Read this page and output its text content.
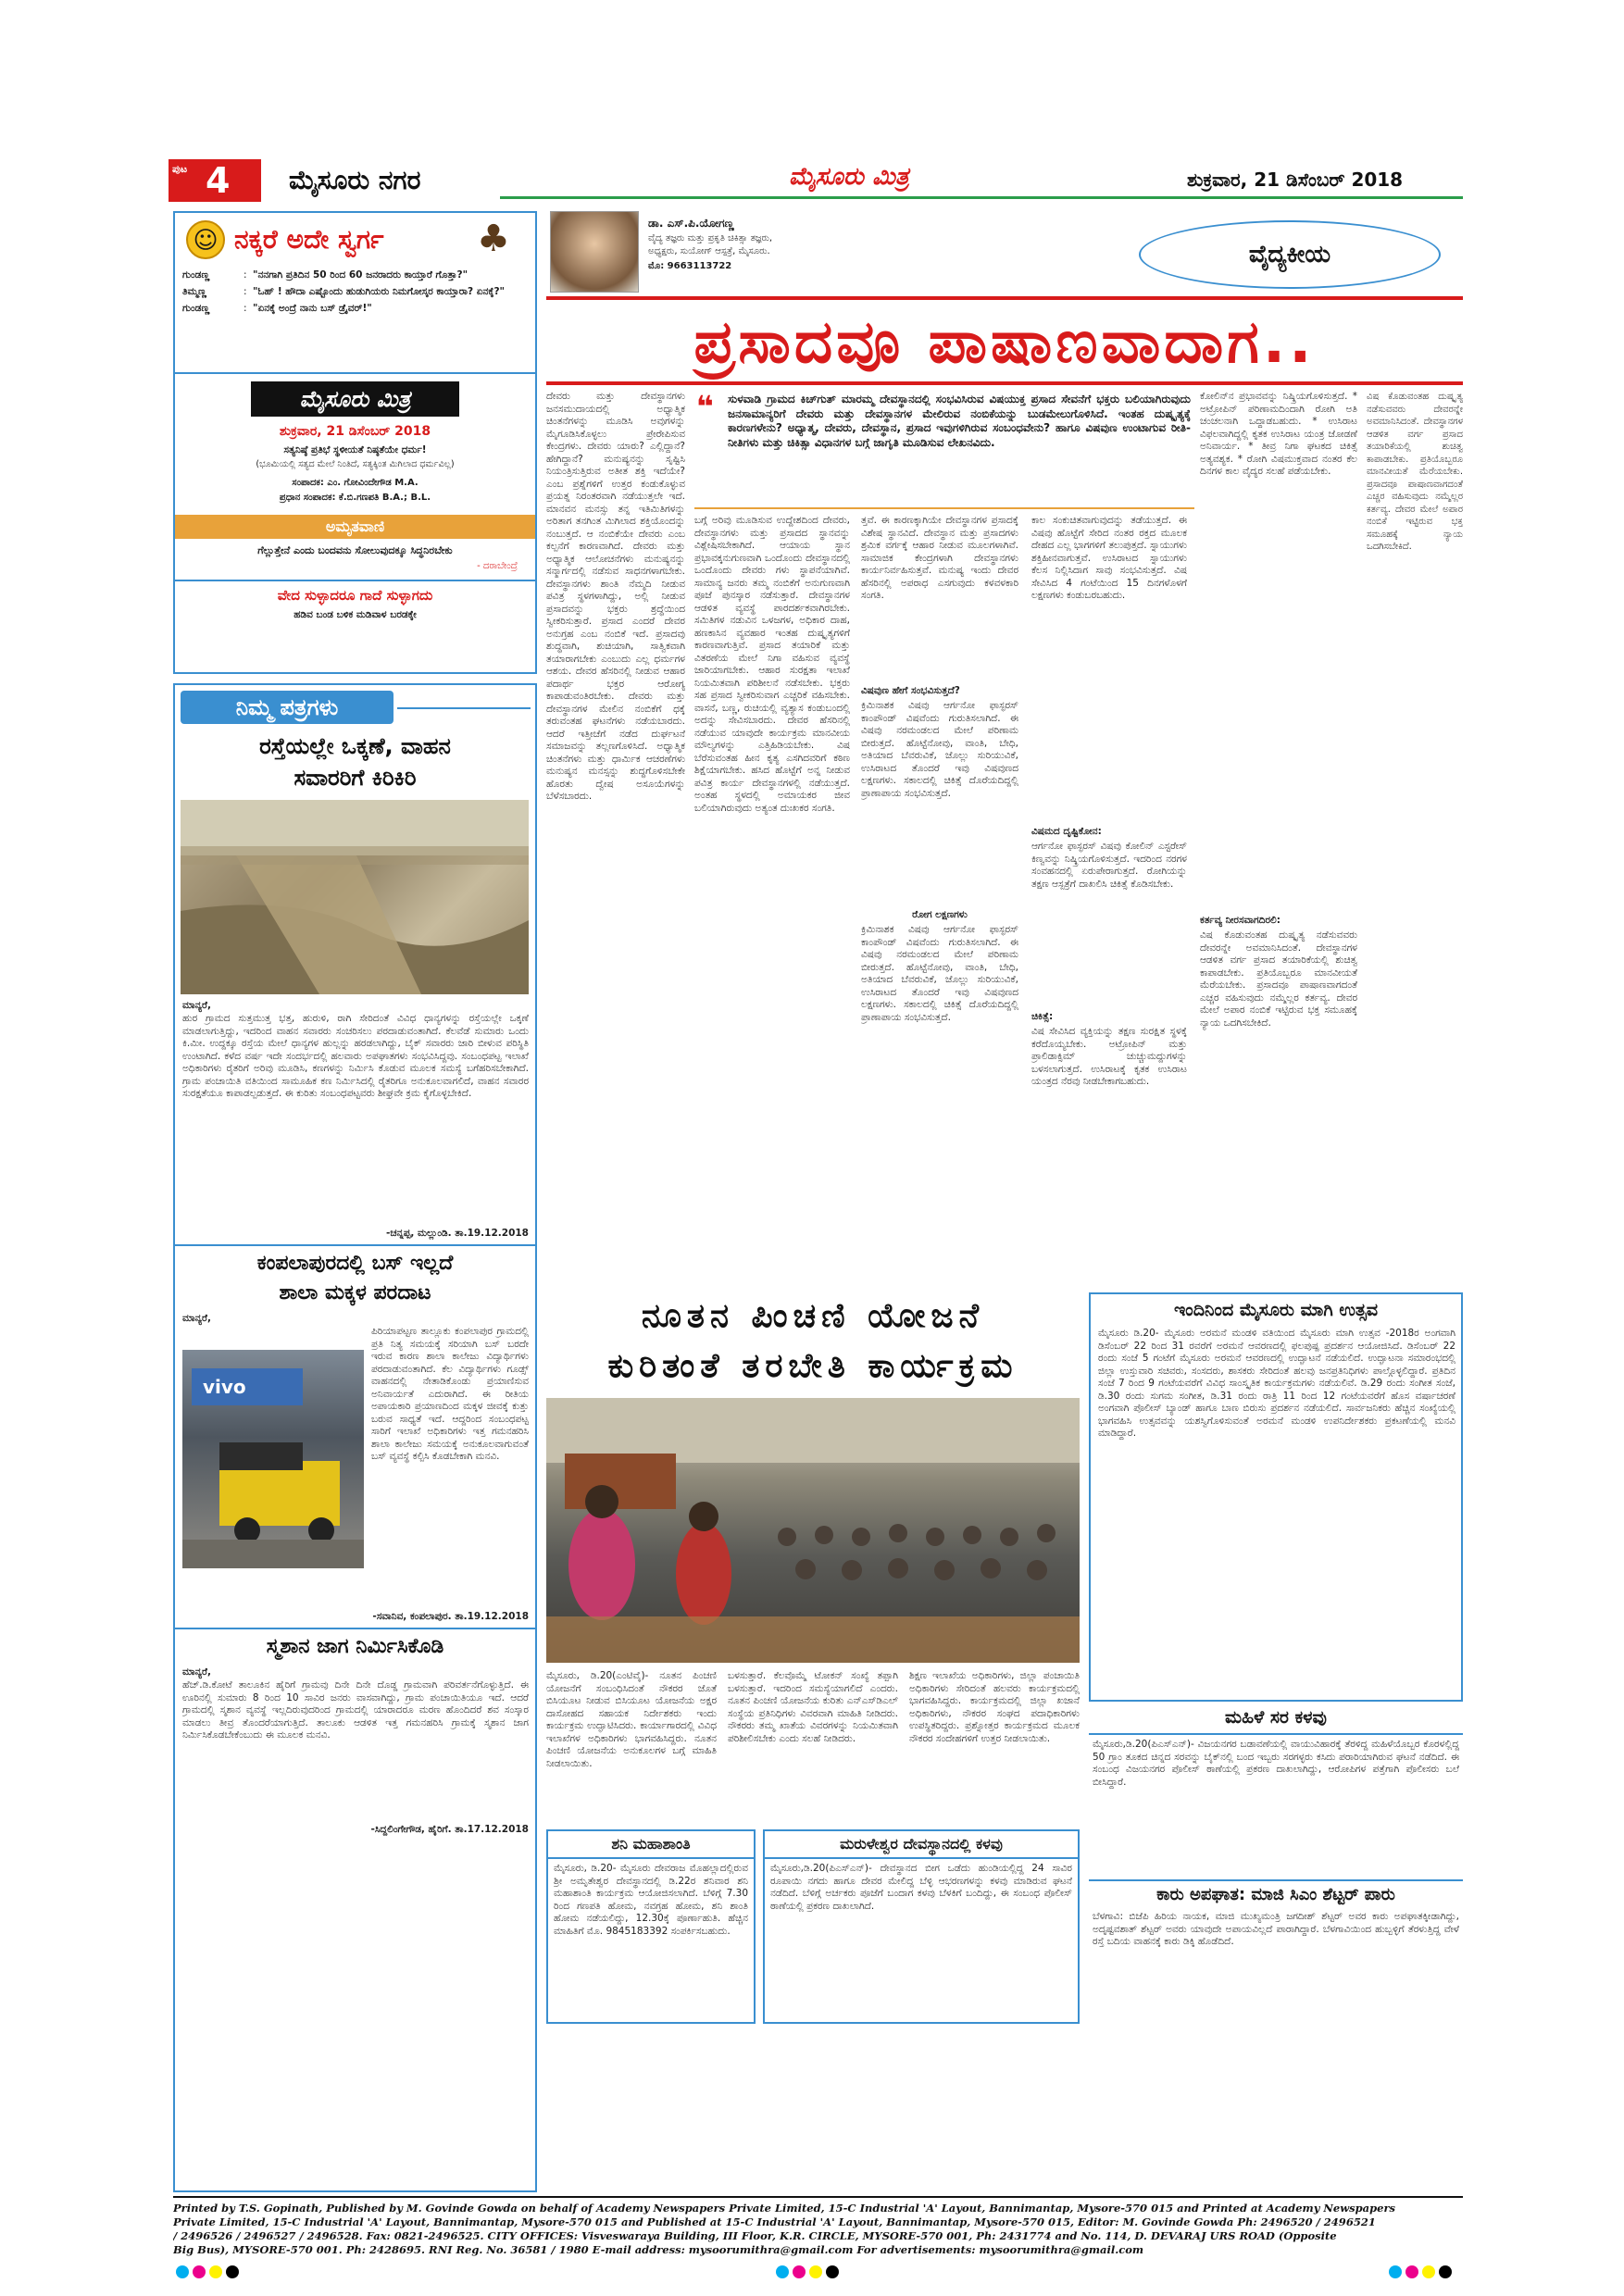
ಪುಟ 4 ಮೈಸೂರು ನಗರ	ಮೈಸೂರು ಮಿತ್ರ	ಶುಕ್ರವಾರ, 21 ಡಿಸೆಂಬರ್ 2018
☺ ನಕ್ಕರೆ ಅದೇ ಸ್ವರ್ಗ	♣
ಗುಂಡಣ್ಣ	: "ನನಗಾಗಿ ಪ್ರತಿದಿನ 50 ರಿಂದ 60 ಜನರಾದರು ಕಾಯ್ತಾರೆ ಗೊತ್ತಾ?"
ತಿಮ್ಮಣ್ಣ	: "ಓಹ್ ! ಹೌದಾ ಎಷ್ಟೊಂದು ಹುಡುಗಿಯರು ನಿಮಗೋಸ್ಕರ ಕಾಯ್ತಾರಾ? ಏನಕ್ಕೆ?"
ಗುಂಡಣ್ಣ	: "ಏನಕ್ಕೆ ಅಂದ್ರೆ ನಾನು ಬಸ್ ಡ್ರೈವರ್!"
ಮೈಸೂರು ಮಿತ್ರ
ಶುಕ್ರವಾರ, 21 ಡಿಸೆಂಬರ್ 2018
ಸತ್ಯನಿಷ್ಠೆ ಪ್ರತಿಭೆ ಸ್ಥಳೀಯತೆ ನಿಷ್ಠತೆಯೇ ಧರ್ಮ!
(ಭೂಮಿಯಲ್ಲಿ ಸತ್ಯದ ಮೇಲೆ ನಿಂತಿದೆ, ಸತ್ಯಕ್ಕಿಂತ ಮಿಗಿಲಾದ ಧರ್ಮವಿಲ್ಲ)
ಸಂಪಾದಕ: ಎಂ. ಗೋವಿಂದೇಗೌಡ M.A.
ಪ್ರಧಾನ ಸಂಪಾದಕ: ಕೆ.ಬಿ.ಗಣಪತಿ B.A.; B.L.
ಅಮೃತವಾಣಿ
ಗೆಲ್ಲುತ್ತೇನೆ ಎಂದು ಬಂದವನು ಸೋಲುವುದಕ್ಕೂ ಸಿದ್ಧನಿರಬೇಕು
- ದರಾಬೇಂದ್ರೆ
ವೇದ ಸುಳ್ಳಾದರೂ ಗಾದೆ ಸುಳ್ಳಾಗದು
ಹಡಿವ ಬಂಡ ಬಳಿಕ ಮಡಿವಾಳ ಬರಡಕ್ಕೇ
ನಿಮ್ಮ ಪತ್ರಗಳು
ರಸ್ತೆಯಲ್ಲೇ ಒಕ್ಕಣೆ, ವಾಹನ
ಸವಾರರಿಗೆ ಕಿರಿಕಿರಿ
ಮಾನ್ಯರೆ,
ಹುರ ಗ್ರಾಮದ ಸುತ್ತಮುತ್ತ ಭತ್ತ, ಹುರುಳಿ, ರಾಗಿ ಸೇರಿದಂತೆ ವಿವಿಧ ಧಾನ್ಯಗಳನ್ನು ರಸ್ತೆಯಲ್ಲೇ ಒಕ್ಕಣೆ ಮಾಡಲಾಗುತ್ತಿದ್ದು, ಇದರಿಂದ ವಾಹನ ಸವಾರರು ಸಂಚರಿಸಲು ಪರದಾಡುವಂತಾಗಿದೆ. ಕೆಲವೆಡೆ ಸುಮಾರು ಒಂದು ಕಿ.ಮೀ. ಉದ್ದಕ್ಕೂ ರಸ್ತೆಯ ಮೇಲೆ ಧಾನ್ಯಗಳ ಹುಲ್ಲನ್ನು ಹರಡಲಾಗಿದ್ದು, ಬೈಕ್ ಸವಾರರು ಜಾರಿ ಬೀಳುವ ಪರಿಸ್ಥಿತಿ ಉಂಟಾಗಿದೆ. ಕಳೆದ ವರ್ಷ ಇದೇ ಸಂದರ್ಭದಲ್ಲಿ ಹಲವಾರು ಅಪಘಾತಗಳು ಸಂಭವಿಸಿದ್ದವು. ಸಂಬಂಧಪಟ್ಟ ಇಲಾಖೆ ಅಧಿಕಾರಿಗಳು ರೈತರಿಗೆ ಅರಿವು ಮೂಡಿಸಿ, ಕಣಗಳನ್ನು ನಿರ್ಮಿಸಿ ಕೊಡುವ ಮೂಲಕ ಸಮಸ್ಯೆ ಬಗೆಹರಿಸಬೇಕಾಗಿದೆ. ಗ್ರಾಮ ಪಂಚಾಯಿತಿ ವತಿಯಿಂದ ಸಾಮೂಹಿಕ ಕಣ ನಿರ್ಮಿಸಿದಲ್ಲಿ ರೈತರಿಗೂ ಅನುಕೂಲವಾಗಲಿದೆ, ವಾಹನ ಸವಾರರ ಸುರಕ್ಷತೆಯೂ ಕಾಪಾಡಲ್ಪಡುತ್ತದೆ. ಈ ಕುರಿತು ಸಂಬಂಧಪಟ್ಟವರು ಶೀಘ್ರವೇ ಕ್ರಮ ಕೈಗೊಳ್ಳಬೇಕಿದೆ.
-ಚನ್ನಪ್ಪ, ಮಲ್ಲುಂಡಿ. ತಾ.19.12.2018
ಕಂಪಲಾಪುರದಲ್ಲಿ ಬಸ್ ಇಲ್ಲದೆ
ಶಾಲಾ ಮಕ್ಕಳ ಪರದಾಟ
ಮಾನ್ಯರೆ,
vivo
ಪಿರಿಯಾಪಟ್ಟಣ ತಾಲ್ಲೂಕು ಕಂಪಲಾಪುರ ಗ್ರಾಮದಲ್ಲಿ ಪ್ರತಿ ನಿತ್ಯ ಸಮಯಕ್ಕೆ ಸರಿಯಾಗಿ ಬಸ್ ಬರದೇ ಇರುವ ಕಾರಣ ಶಾಲಾ ಕಾಲೇಜು ವಿದ್ಯಾರ್ಥಿಗಳು ಪರದಾಡುವಂತಾಗಿದೆ. ಕೆಲ ವಿದ್ಯಾರ್ಥಿಗಳು ಗೂಡ್ಸ್ ವಾಹನದಲ್ಲಿ ನೇತಾಡಿಕೊಂಡು ಪ್ರಯಾಣಿಸುವ ಅನಿವಾರ್ಯತೆ ಎದುರಾಗಿದೆ. ಈ ರೀತಿಯ ಅಪಾಯಕಾರಿ ಪ್ರಯಾಣದಿಂದ ಮಕ್ಕಳ ಜೀವಕ್ಕೆ ಕುತ್ತು ಬರುವ ಸಾಧ್ಯತೆ ಇದೆ. ಆದ್ದರಿಂದ ಸಂಬಂಧಪಟ್ಟ ಸಾರಿಗೆ ಇಲಾಖೆ ಅಧಿಕಾರಿಗಳು ಇತ್ತ ಗಮನಹರಿಸಿ ಶಾಲಾ ಕಾಲೇಜು ಸಮಯಕ್ಕೆ ಅನುಕೂಲವಾಗುವಂತೆ ಬಸ್ ವ್ಯವಸ್ಥೆ ಕಲ್ಪಿಸಿ ಕೊಡಬೇಕಾಗಿ ಮನವಿ.
-ಸವಾನಿವ, ಕಂಪಲಾಪುರ. ತಾ.19.12.2018
ಸ್ಮಶಾನ ಜಾಗ ನಿರ್ಮಿಸಿಕೊಡಿ
ಮಾನ್ಯರೆ,
ಹೆಚ್.ಡಿ.ಕೋಟೆ ತಾಲೂಕಿನ ಹೈರಿಗೆ ಗ್ರಾಮವು ದಿನೇ ದಿನೇ ದೊಡ್ಡ ಗ್ರಾಮವಾಗಿ ಪರಿವರ್ತನೆಗೊಳ್ಳುತ್ತಿದೆ. ಈ ಊರಿನಲ್ಲಿ ಸುಮಾರು 8 ರಿಂದ 10 ಸಾವಿರ ಜನರು ವಾಸವಾಗಿದ್ದು, ಗ್ರಾಮ ಪಂಚಾಯಿತಿಯೂ ಇದೆ. ಆದರೆ ಗ್ರಾಮದಲ್ಲಿ ಸ್ಮಶಾನ ವ್ಯವಸ್ಥೆ ಇಲ್ಲದಿರುವುದರಿಂದ ಗ್ರಾಮದಲ್ಲಿ ಯಾರಾದರೂ ಮರಣ ಹೊಂದಿದರೆ ಶವ ಸಂಸ್ಕಾರ ಮಾಡಲು ತೀವ್ರ ತೊಂದರೆಯಾಗುತ್ತಿದೆ. ತಾಲೂಕು ಆಡಳಿತ ಇತ್ತ ಗಮನಹರಿಸಿ ಗ್ರಾಮಕ್ಕೆ ಸ್ಮಶಾನ ಜಾಗ ನಿರ್ಮಿಸಿಕೊಡಬೇಕೆಂಬುದು ಈ ಮೂಲಕ ಮನವಿ.
-ಸಿದ್ದಲಿಂಗೇಗೌಡ, ಹೈರಿಗೆ. ತಾ.17.12.2018
ಡಾ. ಎಸ್.ಪಿ.ಯೋಗಣ್ಣ
ವೈದ್ಯ ತಜ್ಞರು ಮತ್ತು ಪ್ರಕೃತಿ ಚಿಕಿತ್ಸಾ ತಜ್ಞರು,
ಅಧ್ಯಕ್ಷರು, ಸುಯೋಗ್ ಆಸ್ಪತ್ರೆ, ಮೈಸೂರು.
ಮೊ: 9663113722	ವೈದ್ಯಕೀಯ
ಪ್ರಸಾದವೂ ಪಾಷಾಣವಾದಾಗ..
ದೇವರು ಮತ್ತು ದೇವಸ್ಥಾನಗಳು ಜನಸಮುದಾಯದಲ್ಲಿ ಅಧ್ಯಾತ್ಮಿಕ ಚಿಂತನೆಗಳನ್ನು ಮೂಡಿಸಿ ಅವುಗಳನ್ನು ಮೈಗೂಡಿಸಿಕೊಳ್ಳಲು ಪ್ರೇರೇಪಿಸುವ ಕೇಂದ್ರಗಳು. ದೇವರು ಯಾರು? ಎಲ್ಲಿದ್ದಾನೆ? ಹೇಗಿದ್ದಾನೆ? ಮನುಷ್ಯನನ್ನು ಸೃಷ್ಟಿಸಿ ನಿಯಂತ್ರಿಸುತ್ತಿರುವ ಅತೀತ ಶಕ್ತಿ ಇದೆಯೇ? ಎಂಬ ಪ್ರಶ್ನೆಗಳಿಗೆ ಉತ್ತರ ಕಂಡುಕೊಳ್ಳುವ ಪ್ರಯತ್ನ ನಿರಂತರವಾಗಿ ನಡೆಯುತ್ತಲೇ ಇದೆ. ಮಾನವನ ಮನಸ್ಸು ತನ್ನ ಇತಿಮಿತಿಗಳನ್ನು ಅರಿತಾಗ ತನಗಿಂತ ಮಿಗಿಲಾದ ಶಕ್ತಿಯೊಂದನ್ನು ನಂಬುತ್ತದೆ. ಆ ನಂಬಿಕೆಯೇ ದೇವರು ಎಂಬ ಕಲ್ಪನೆಗೆ ಕಾರಣವಾಗಿದೆ. ದೇವರು ಮತ್ತು ಅಧ್ಯಾತ್ಮಿಕ ಆಲೋಚನೆಗಳು ಮನುಷ್ಯನನ್ನು ಸನ್ಮಾರ್ಗದಲ್ಲಿ ನಡೆಸುವ ಸಾಧನಗಳಾಗಬೇಕು. ದೇವಸ್ಥಾನಗಳು ಶಾಂತಿ ನೆಮ್ಮದಿ ನೀಡುವ ಪವಿತ್ರ ಸ್ಥಳಗಳಾಗಿದ್ದು, ಅಲ್ಲಿ ನೀಡುವ ಪ್ರಸಾದವನ್ನು ಭಕ್ತರು ಶ್ರದ್ಧೆಯಿಂದ ಸ್ವೀಕರಿಸುತ್ತಾರೆ. ಪ್ರಸಾದ ಎಂದರೆ ದೇವರ ಅನುಗ್ರಹ ಎಂಬ ನಂಬಿಕೆ ಇದೆ. ಪ್ರಸಾದವು ಶುದ್ಧವಾಗಿ, ಶುಚಿಯಾಗಿ, ಸಾತ್ವಿಕವಾಗಿ ತಯಾರಾಗಬೇಕು ಎಂಬುದು ಎಲ್ಲ ಧರ್ಮಗಳ ಆಶಯ. ದೇವರ ಹೆಸರಿನಲ್ಲಿ ನೀಡುವ ಆಹಾರ ಪದಾರ್ಥ ಭಕ್ತರ ಆರೋಗ್ಯ ಕಾಪಾಡುವಂತಿರಬೇಕು. ದೇವರು ಮತ್ತು ದೇವಸ್ಥಾನಗಳ ಮೇಲಿನ ನಂಬಿಕೆಗೆ ಧಕ್ಕೆ ತರುವಂತಹ ಘಟನೆಗಳು ನಡೆಯಬಾರದು. ಆದರೆ ಇತ್ತೀಚೆಗೆ ನಡೆದ ದುರ್ಘಟನೆ ಸಮಾಜವನ್ನು ತಲ್ಲಣಗೊಳಿಸಿದೆ. ಅಧ್ಯಾತ್ಮಿಕ ಚಿಂತನೆಗಳು ಮತ್ತು ಧಾರ್ಮಿಕ ಆಚರಣೆಗಳು ಮನುಷ್ಯನ ಮನಸ್ಸನ್ನು ಶುದ್ಧಗೊಳಿಸಬೇಕೇ ಹೊರತು ದ್ವೇಷ ಅಸೂಯೆಗಳನ್ನು ಬೆಳೆಸಬಾರದು.
❝ ಸುಳವಾಡಿ ಗ್ರಾಮದ ಕಿಚ್‌ಗುತ್ ಮಾರಮ್ಮ ದೇವಸ್ಥಾನದಲ್ಲಿ ಸಂಭವಿಸಿರುವ ವಿಷಯುಕ್ತ ಪ್ರಸಾದ ಸೇವನೆಗೆ ಭಕ್ತರು ಬಲಿಯಾಗಿರುವುದು ಜನಸಾಮಾನ್ಯರಿಗೆ ದೇವರು ಮತ್ತು ದೇವಸ್ಥಾನಗಳ ಮೇಲಿರುವ ನಂಬಿಕೆಯನ್ನು ಬುಡಮೇಲುಗೊಳಿಸಿದೆ. ಇಂತಹ ದುಷ್ಕೃತ್ಯಕ್ಕೆ ಕಾರಣಗಳೇನು? ಅಧ್ಯಾತ್ಮ, ದೇವರು, ದೇವಸ್ಥಾನ, ಪ್ರಸಾದ ಇವುಗಳಿಗಿರುವ ಸಂಬಂಧವೇನು? ಹಾಗೂ ವಿಷವುಣ ಉಂಟಾಗುವ ರೀತಿ-ನೀತಿಗಳು ಮತ್ತು ಚಿಕಿತ್ಸಾ ವಿಧಾನಗಳ ಬಗ್ಗೆ ಜಾಗೃತಿ ಮೂಡಿಸುವ ಲೇಖನವಿದು.
ಬಗ್ಗೆ ಅರಿವು ಮೂಡಿಸುವ ಉದ್ದೇಶದಿಂದ ದೇವರು, ದೇವಸ್ಥಾನಗಳು ಮತ್ತು ಪ್ರಸಾದದ ಸ್ಥಾನವನ್ನು ವಿಶ್ಲೇಷಿಸಬೇಕಾಗಿದೆ. ಆಯಾಯ ಸ್ಥಾನ ಪ್ರಭಾವಕ್ಕನುಗುಣವಾಗಿ ಒಂದೊಂದು ದೇವಸ್ಥಾನದಲ್ಲಿ ಒಂದೊಂದು ದೇವರು ಗಳು ಸ್ಥಾಪನೆಯಾಗಿವೆ. ಸಾಮಾನ್ಯ ಜನರು ತಮ್ಮ ನಂಬಿಕೆಗೆ ಅನುಗುಣವಾಗಿ ಪೂಜೆ ಪುನಸ್ಕಾರ ನಡೆಸುತ್ತಾರೆ. ದೇವಸ್ಥಾನಗಳ ಆಡಳಿತ ವ್ಯವಸ್ಥೆ ಪಾರದರ್ಶಕವಾಗಿರಬೇಕು. ಸಮಿತಿಗಳ ನಡುವಿನ ಒಳಜಗಳ, ಅಧಿಕಾರ ದಾಹ, ಹಣಕಾಸಿನ ವ್ಯವಹಾರ ಇಂತಹ ದುಷ್ಕೃತ್ಯಗಳಿಗೆ ಕಾರಣವಾಗುತ್ತಿವೆ. ಪ್ರಸಾದ ತಯಾರಿಕೆ ಮತ್ತು ವಿತರಣೆಯ ಮೇಲೆ ನಿಗಾ ವಹಿಸುವ ವ್ಯವಸ್ಥೆ ಜಾರಿಯಾಗಬೇಕು. ಆಹಾರ ಸುರಕ್ಷತಾ ಇಲಾಖೆ ನಿಯಮಿತವಾಗಿ ಪರಿಶೀಲನೆ ನಡೆಸಬೇಕು. ಭಕ್ತರು ಸಹ ಪ್ರಸಾದ ಸ್ವೀಕರಿಸುವಾಗ ಎಚ್ಚರಿಕೆ ವಹಿಸಬೇಕು. ವಾಸನೆ, ಬಣ್ಣ, ರುಚಿಯಲ್ಲಿ ವ್ಯತ್ಯಾಸ ಕಂಡುಬಂದಲ್ಲಿ ಅದನ್ನು ಸೇವಿಸಬಾರದು. ದೇವರ ಹೆಸರಿನಲ್ಲಿ ನಡೆಯುವ ಯಾವುದೇ ಕಾರ್ಯಕ್ರಮ ಮಾನವೀಯ ಮೌಲ್ಯಗಳನ್ನು ಎತ್ತಿಹಿಡಿಯಬೇಕು. ವಿಷ ಬೆರೆಸುವಂತಹ ಹೀನ ಕೃತ್ಯ ಎಸಗಿದವರಿಗೆ ಕಠಿಣ ಶಿಕ್ಷೆಯಾಗಬೇಕು. ಹಸಿದ ಹೊಟ್ಟೆಗೆ ಅನ್ನ ನೀಡುವ ಪವಿತ್ರ ಕಾರ್ಯ ದೇವಸ್ಥಾನಗಳಲ್ಲಿ ನಡೆಯುತ್ತದೆ. ಅಂತಹ ಸ್ಥಳದಲ್ಲಿ ಅಮಾಯಕರ ಜೀವ ಬಲಿಯಾಗಿರುವುದು ಅತ್ಯಂತ ದುಃಖಕರ ಸಂಗತಿ.
ತ್ತವೆ. ಈ ಕಾರಣಕ್ಕಾಗಿಯೇ ದೇವಸ್ಥಾನಗಳ ಪ್ರಸಾದಕ್ಕೆ ವಿಶೇಷ ಸ್ಥಾನವಿದೆ. ದೇವಸ್ಥಾನ ಮತ್ತು ಪ್ರಸಾದಗಳು ಶ್ರಮಿಕ ವರ್ಗಕ್ಕೆ ಆಹಾರ ನೀಡುವ ಮೂಲಗಳಾಗಿವೆ. ಸಾಮಾಜಿಕ ಕೇಂದ್ರಗಳಾಗಿ ದೇವಸ್ಥಾನಗಳು ಕಾರ್ಯನಿರ್ವಹಿಸುತ್ತವೆ. ಮನುಷ್ಯ ಇಂದು ದೇವರ ಹೆಸರಿನಲ್ಲಿ ಅಪರಾಧ ಎಸಗುವುದು ಕಳವಳಕಾರಿ ಸಂಗತಿ.
ವಿಷವುಣ ಹೇಗೆ ಸಂಭವಿಸುತ್ತದೆ?
ಕ್ರಿಮಿನಾಶಕ ವಿಷವು ಆರ್ಗನೋ ಫಾಸ್ಫರಸ್ ಕಾಂಪೌಂಡ್ ವಿಷವೆಂದು ಗುರುತಿಸಲಾಗಿದೆ. ಈ ವಿಷವು ನರಮಂಡಲದ ಮೇಲೆ ಪರಿಣಾಮ ಬೀರುತ್ತದೆ. ಹೊಟ್ಟೆನೋವು, ವಾಂತಿ, ಬೇಧಿ, ಅತಿಯಾದ ಬೆವರುವಿಕೆ, ಜೊಲ್ಲು ಸುರಿಯುವಿಕೆ, ಉಸಿರಾಟದ ತೊಂದರೆ ಇವು ವಿಷವುಣದ ಲಕ್ಷಣಗಳು. ಸಕಾಲದಲ್ಲಿ ಚಿಕಿತ್ಸೆ ದೊರೆಯದಿದ್ದಲ್ಲಿ ಪ್ರಾಣಾಪಾಯ ಸಂಭವಿಸುತ್ತದೆ.
ರೋಗ ಲಕ್ಷಣಗಳು
ಕ್ರಿಮಿನಾಶಕ ವಿಷವು ಆರ್ಗನೋ ಫಾಸ್ಫರಸ್ ಕಾಂಪೌಂಡ್ ವಿಷವೆಂದು ಗುರುತಿಸಲಾಗಿದೆ. ಈ ವಿಷವು ನರಮಂಡಲದ ಮೇಲೆ ಪರಿಣಾಮ ಬೀರುತ್ತದೆ. ಹೊಟ್ಟೆನೋವು, ವಾಂತಿ, ಬೇಧಿ, ಅತಿಯಾದ ಬೆವರುವಿಕೆ, ಜೊಲ್ಲು ಸುರಿಯುವಿಕೆ, ಉಸಿರಾಟದ ತೊಂದರೆ ಇವು ವಿಷವುಣದ ಲಕ್ಷಣಗಳು. ಸಕಾಲದಲ್ಲಿ ಚಿಕಿತ್ಸೆ ದೊರೆಯದಿದ್ದಲ್ಲಿ ಪ್ರಾಣಾಪಾಯ ಸಂಭವಿಸುತ್ತದೆ.
ಕಾಲ ಸಂಕುಚಿತವಾಗುವುದನ್ನು ತಡೆಯುತ್ತದೆ. ಈ ವಿಷವು ಹೊಟ್ಟೆಗೆ ಸೇರಿದ ನಂತರ ರಕ್ತದ ಮೂಲಕ ದೇಹದ ಎಲ್ಲ ಭಾಗಗಳಿಗೆ ತಲುಪುತ್ತದೆ. ಸ್ನಾಯುಗಳು ಶಕ್ತಿಹೀನವಾಗುತ್ತವೆ. ಉಸಿರಾಟದ ಸ್ನಾಯುಗಳು ಕೆಲಸ ನಿಲ್ಲಿಸಿದಾಗ ಸಾವು ಸಂಭವಿಸುತ್ತದೆ. ವಿಷ ಸೇವಿಸಿದ 4 ಗಂಟೆಯಿಂದ 15 ದಿನಗಳೊಳಗೆ ಲಕ್ಷಣಗಳು ಕಂಡುಬರಬಹುದು.
ವಿಷಮದ ದೃಷ್ಟಿಕೋನ:
ಆರ್ಗನೋ ಫಾಸ್ಫರಸ್ ವಿಷವು ಕೋಲಿನ್ ಎಸ್ಟರೇಸ್ ಕಿಣ್ವವನ್ನು ನಿಷ್ಕ್ರಿಯಗೊಳಿಸುತ್ತದೆ. ಇದರಿಂದ ನರಗಳ ಸಂವಹನದಲ್ಲಿ ಏರುಪೇರಾಗುತ್ತದೆ. ರೋಗಿಯನ್ನು ತಕ್ಷಣ ಆಸ್ಪತ್ರೆಗೆ ದಾಖಲಿಸಿ ಚಿಕಿತ್ಸೆ ಕೊಡಿಸಬೇಕು.
ಚಿಕಿತ್ಸೆ:
ವಿಷ ಸೇವಿಸಿದ ವ್ಯಕ್ತಿಯನ್ನು ತಕ್ಷಣ ಸುರಕ್ಷಿತ ಸ್ಥಳಕ್ಕೆ ಕರೆದೊಯ್ಯಬೇಕು. ಅಟ್ರೋಪಿನ್ ಮತ್ತು ಪ್ರಾಲಿಡಾಕ್ಸಿಮ್ ಚುಚ್ಚುಮದ್ದುಗಳನ್ನು ಬಳಸಲಾಗುತ್ತದೆ. ಉಸಿರಾಟಕ್ಕೆ ಕೃತಕ ಉಸಿರಾಟ ಯಂತ್ರದ ನೆರವು ನೀಡಬೇಕಾಗಬಹುದು.
ಕೋಲಿನ್‌ನ ಪ್ರಭಾವವನ್ನು ನಿಷ್ಕ್ರಿಯಗೊಳಿಸುತ್ತದೆ. * ಅಟ್ರೋಪಿನ್ ಪರಿಣಾಮದಿಂದಾಗಿ ರೋಗಿ ಅತಿ ಚಂಚಲನಾಗಿ ಒದ್ದಾಡಬಹುದು. * ಉಸಿರಾಟ ವಿಫಲವಾಗಿದ್ದಲ್ಲಿ ಕೃತಕ ಉಸಿರಾಟ ಯಂತ್ರ ಜೋಡಣೆ ಅನಿವಾರ್ಯ. * ತೀವ್ರ ನಿಗಾ ಘಟಕದ ಚಿಕಿತ್ಸೆ ಅತ್ಯವಶ್ಯಕ. * ರೋಗಿ ವಿಷಮುಕ್ತವಾದ ನಂತರ ಕೆಲ ದಿನಗಳ ಕಾಲ ವೈದ್ಯರ ಸಲಹೆ ಪಡೆಯಬೇಕು.
ಕರ್ತವ್ಯ ನೀರಸವಾಗದಿರಲಿ:
ವಿಷ ಕೊಡುವಂತಹ ದುಷ್ಕೃತ್ಯ ನಡೆಸುವವರು ದೇವರನ್ನೇ ಅವಮಾನಿಸಿದಂತೆ. ದೇವಸ್ಥಾನಗಳ ಆಡಳಿತ ವರ್ಗ ಪ್ರಸಾದ ತಯಾರಿಕೆಯಲ್ಲಿ ಶುಚಿತ್ವ ಕಾಪಾಡಬೇಕು. ಪ್ರತಿಯೊಬ್ಬರೂ ಮಾನವೀಯತೆ ಮೆರೆಯಬೇಕು. ಪ್ರಸಾದವೂ ಪಾಷಾಣವಾಗದಂತೆ ಎಚ್ಚರ ವಹಿಸುವುದು ನಮ್ಮೆಲ್ಲರ ಕರ್ತವ್ಯ. ದೇವರ ಮೇಲೆ ಅಪಾರ ನಂಬಿಕೆ ಇಟ್ಟಿರುವ ಭಕ್ತ ಸಮೂಹಕ್ಕೆ ನ್ಯಾಯ ಒದಗಿಸಬೇಕಿದೆ.
ವಿಷ ಕೊಡುವಂತಹ ದುಷ್ಕೃತ್ಯ ನಡೆಸುವವರು ದೇವರನ್ನೇ ಅವಮಾನಿಸಿದಂತೆ. ದೇವಸ್ಥಾನಗಳ ಆಡಳಿತ ವರ್ಗ ಪ್ರಸಾದ ತಯಾರಿಕೆಯಲ್ಲಿ ಶುಚಿತ್ವ ಕಾಪಾಡಬೇಕು. ಪ್ರತಿಯೊಬ್ಬರೂ ಮಾನವೀಯತೆ ಮೆರೆಯಬೇಕು. ಪ್ರಸಾದವೂ ಪಾಷಾಣವಾಗದಂತೆ ಎಚ್ಚರ ವಹಿಸುವುದು ನಮ್ಮೆಲ್ಲರ ಕರ್ತವ್ಯ. ದೇವರ ಮೇಲೆ ಅಪಾರ ನಂಬಿಕೆ ಇಟ್ಟಿರುವ ಭಕ್ತ ಸಮೂಹಕ್ಕೆ ನ್ಯಾಯ ಒದಗಿಸಬೇಕಿದೆ.
ನೂತನ ಪಿಂಚಣಿ ಯೋಜನೆ
ಕುರಿತಂತೆ ತರಬೇತಿ ಕಾರ್ಯಕ್ರಮ
ಮೈಸೂರು, ಡಿ.20(ಎಂಟಿವೈ)- ನೂತನ ಪಿಂಚಣಿ ಯೋಜನೆಗೆ ಸಂಬಂಧಿಸಿದಂತೆ ನೌಕರರ ಜೊತೆ ಬಿಸಿಯೂಟ ನೀಡುವ ಬಿಸಿಯೂಟ ಯೋಜನೆಯ ಅಕ್ಷರ ದಾಸೋಹದ ಸಹಾಯಕ ನಿರ್ದೇಶಕರು ಇಂದು ಕಾರ್ಯಕ್ರಮ ಉದ್ಘಾಟಿಸಿದರು. ಕಾರ್ಯಾಗಾರದಲ್ಲಿ ವಿವಿಧ ಇಲಾಖೆಗಳ ಅಧಿಕಾರಿಗಳು ಭಾಗವಹಿಸಿದ್ದರು. ನೂತನ ಪಿಂಚಣಿ ಯೋಜನೆಯ ಅನುಕೂಲಗಳ ಬಗ್ಗೆ ಮಾಹಿತಿ ನೀಡಲಾಯಿತು.
ಬಳಸುತ್ತಾರೆ. ಕೆಲವೊಮ್ಮೆ ಟೋಕನ್ ಸಂಖ್ಯೆ ತಪ್ಪಾಗಿ ಬಳಸುತ್ತಾರೆ. ಇದರಿಂದ ಸಮಸ್ಯೆಯಾಗಲಿದೆ ಎಂದರು. ನೂತನ ಪಿಂಚಣಿ ಯೋಜನೆಯ ಕುರಿತು ಎನ್‌ಎಸ್‌ಡಿಎಲ್ ಸಂಸ್ಥೆಯ ಪ್ರತಿನಿಧಿಗಳು ವಿವರವಾಗಿ ಮಾಹಿತಿ ನೀಡಿದರು. ನೌಕರರು ತಮ್ಮ ಖಾತೆಯ ವಿವರಗಳನ್ನು ನಿಯಮಿತವಾಗಿ ಪರಿಶೀಲಿಸಬೇಕು ಎಂದು ಸಲಹೆ ನೀಡಿದರು.
ಶಿಕ್ಷಣ ಇಲಾಖೆಯ ಅಧಿಕಾರಿಗಳು, ಜಿಲ್ಲಾ ಪಂಚಾಯಿತಿ ಅಧಿಕಾರಿಗಳು ಸೇರಿದಂತೆ ಹಲವರು ಕಾರ್ಯಕ್ರಮದಲ್ಲಿ ಭಾಗವಹಿಸಿದ್ದರು. ಕಾರ್ಯಕ್ರಮದಲ್ಲಿ ಜಿಲ್ಲಾ ಖಜಾನೆ ಅಧಿಕಾರಿಗಳು, ನೌಕರರ ಸಂಘದ ಪದಾಧಿಕಾರಿಗಳು ಉಪಸ್ಥಿತರಿದ್ದರು. ಪ್ರಶ್ನೋತ್ತರ ಕಾರ್ಯಕ್ರಮದ ಮೂಲಕ ನೌಕರರ ಸಂದೇಹಗಳಿಗೆ ಉತ್ತರ ನೀಡಲಾಯಿತು.
ಶನಿ ಮಹಾಶಾಂತಿ
ಮೈಸೂರು, ಡಿ.20- ಮೈಸೂರು ದೇವರಾಜ ಮೊಹಲ್ಲಾದಲ್ಲಿರುವ ಶ್ರೀ ಅಮೃತೇಶ್ವರ ದೇವಸ್ಥಾನದಲ್ಲಿ ಡಿ.22ರ ಶನಿವಾರ ಶನಿ ಮಹಾಶಾಂತಿ ಕಾರ್ಯಕ್ರಮ ಆಯೋಜಿಸಲಾಗಿದೆ. ಬೆಳಿಗ್ಗೆ 7.30 ರಿಂದ ಗಣಪತಿ ಹೋಮ, ನವಗ್ರಹ ಹೋಮ, ಶನಿ ಶಾಂತಿ ಹೋಮ ನಡೆಯಲಿದ್ದು, 12.30ಕ್ಕೆ ಪೂರ್ಣಾಹುತಿ. ಹೆಚ್ಚಿನ ಮಾಹಿತಿಗೆ ಮೊ. 9845183392 ಸಂಪರ್ಕಿಸಬಹುದು.
ಮರುಳೇಶ್ವರ ದೇವಸ್ಥಾನದಲ್ಲಿ ಕಳವು
ಮೈಸೂರು,ಡಿ.20(ಪಿಎಸ್‌ಎನ್)- ದೇವಸ್ಥಾನದ ಬೀಗ ಒಡೆದು ಹುಂಡಿಯಲ್ಲಿದ್ದ 24 ಸಾವಿರ ರೂಪಾಯಿ ನಗದು ಹಾಗೂ ದೇವರ ಮೇಲಿದ್ದ ಬೆಳ್ಳಿ ಆಭರಣಗಳನ್ನು ಕಳವು ಮಾಡಿರುವ ಘಟನೆ ನಡೆದಿದೆ. ಬೆಳಿಗ್ಗೆ ಅರ್ಚಕರು ಪೂಜೆಗೆ ಬಂದಾಗ ಕಳವು ಬೆಳಕಿಗೆ ಬಂದಿದ್ದು, ಈ ಸಂಬಂಧ ಪೊಲೀಸ್ ಠಾಣೆಯಲ್ಲಿ ಪ್ರಕರಣ ದಾಖಲಾಗಿದೆ.
ಇಂದಿನಿಂದ ಮೈಸೂರು ಮಾಗಿ ಉತ್ಸವ
ಮೈಸೂರು ಡಿ.20- ಮೈಸೂರು ಅರಮನೆ ಮಂಡಳಿ ವತಿಯಿಂದ ಮೈಸೂರು ಮಾಗಿ ಉತ್ಸವ -2018ರ ಅಂಗವಾಗಿ ಡಿಸೆಂಬರ್ 22 ರಿಂದ 31 ರವರೆಗೆ ಅರಮನೆ ಆವರಣದಲ್ಲಿ ಫಲಪುಷ್ಪ ಪ್ರದರ್ಶನ ಆಯೋಜಿಸಿದೆ. ಡಿಸೆಂಬರ್ 22 ರಂದು ಸಂಜೆ 5 ಗಂಟೆಗೆ ಮೈಸೂರು ಅರಮನೆ ಆವರಣದಲ್ಲಿ ಉದ್ಘಾಟನೆ ನಡೆಯಲಿದೆ. ಉದ್ಘಾಟನಾ ಸಮಾರಂಭದಲ್ಲಿ ಜಿಲ್ಲಾ ಉಸ್ತುವಾರಿ ಸಚಿವರು, ಸಂಸದರು, ಶಾಸಕರು ಸೇರಿದಂತೆ ಹಲವು ಜನಪ್ರತಿನಿಧಿಗಳು ಪಾಲ್ಗೊಳ್ಳಲಿದ್ದಾರೆ. ಪ್ರತಿದಿನ ಸಂಜೆ 7 ರಿಂದ 9 ಗಂಟೆಯವರೆಗೆ ವಿವಿಧ ಸಾಂಸ್ಕೃತಿಕ ಕಾರ್ಯಕ್ರಮಗಳು ನಡೆಯಲಿವೆ. ಡಿ.29 ರಂದು ಸಂಗೀತ ಸಂಜೆ, ಡಿ.30 ರಂದು ಸುಗಮ ಸಂಗೀತ, ಡಿ.31 ರಂದು ರಾತ್ರಿ 11 ರಿಂದ 12 ಗಂಟೆಯವರೆಗೆ ಹೊಸ ವರ್ಷಾಚರಣೆ ಅಂಗವಾಗಿ ಪೊಲೀಸ್ ಬ್ಯಾಂಡ್ ಹಾಗೂ ಬಾಣ ಬಿರುಸು ಪ್ರದರ್ಶನ ನಡೆಯಲಿದೆ. ಸಾರ್ವಜನಿಕರು ಹೆಚ್ಚಿನ ಸಂಖ್ಯೆಯಲ್ಲಿ ಭಾಗವಹಿಸಿ ಉತ್ಸವವನ್ನು ಯಶಸ್ವಿಗೊಳಿಸುವಂತೆ ಅರಮನೆ ಮಂಡಳಿ ಉಪನಿರ್ದೇಶಕರು ಪ್ರಕಟಣೆಯಲ್ಲಿ ಮನವಿ ಮಾಡಿದ್ದಾರೆ.
ಮಹಿಳೆ ಸರ ಕಳವು
ಮೈಸೂರು,ಡಿ.20(ಪಿಎಸ್‌ಎನ್)- ವಿಜಯನಗರ ಬಡಾವಣೆಯಲ್ಲಿ ವಾಯುವಿಹಾರಕ್ಕೆ ತೆರಳಿದ್ದ ಮಹಿಳೆಯೊಬ್ಬರ ಕೊರಳಲ್ಲಿದ್ದ 50 ಗ್ರಾಂ ತೂಕದ ಚಿನ್ನದ ಸರವನ್ನು ಬೈಕ್‌ನಲ್ಲಿ ಬಂದ ಇಬ್ಬರು ಸರಗಳ್ಳರು ಕಸಿದು ಪರಾರಿಯಾಗಿರುವ ಘಟನೆ ನಡೆದಿದೆ. ಈ ಸಂಬಂಧ ವಿಜಯನಗರ ಪೊಲೀಸ್ ಠಾಣೆಯಲ್ಲಿ ಪ್ರಕರಣ ದಾಖಲಾಗಿದ್ದು, ಆರೋಪಿಗಳ ಪತ್ತೆಗಾಗಿ ಪೊಲೀಸರು ಬಲೆ ಬೀಸಿದ್ದಾರೆ.
ಕಾರು ಅಪಘಾತ: ಮಾಜಿ ಸಿಎಂ ಶೆಟ್ಟರ್ ಪಾರು
ಬೆಳಗಾವಿ: ಬಿಜೆಪಿ ಹಿರಿಯ ನಾಯಕ, ಮಾಜಿ ಮುಖ್ಯಮಂತ್ರಿ ಜಗದೀಶ್ ಶೆಟ್ಟರ್ ಅವರ ಕಾರು ಅಪಘಾತಕ್ಕೀಡಾಗಿದ್ದು, ಅದೃಷ್ಟವಶಾತ್ ಶೆಟ್ಟರ್ ಅವರು ಯಾವುದೇ ಅಪಾಯವಿಲ್ಲದೆ ಪಾರಾಗಿದ್ದಾರೆ. ಬೆಳಗಾವಿಯಿಂದ ಹುಬ್ಬಳ್ಳಿಗೆ ತೆರಳುತ್ತಿದ್ದ ವೇಳೆ ರಸ್ತೆ ಬದಿಯ ವಾಹನಕ್ಕೆ ಕಾರು ಡಿಕ್ಕಿ ಹೊಡೆದಿದೆ.
Printed by T.S. Gopinath, Published by M. Govinde Gowda on behalf of Academy Newspapers Private Limited, 15-C Industrial 'A' Layout, Bannimantap, Mysore-570 015 and Printed at Academy Newspapers
Private Limited, 15-C Industrial 'A' Layout, Bannimantap, Mysore-570 015 and Published at 15-C Industrial 'A' Layout, Bannimantap, Mysore-570 015, Editor: M. Govinde Gowda Ph: 2496520 / 2496521
/ 2496526 / 2496527 / 2496528. Fax: 0821-2496525. CITY OFFICES: Visveswaraya Building, III Floor, K.R. CIRCLE, MYSORE-570 001, Ph: 2431774 and No. 114, D. DEVARAJ URS ROAD (Opposite
Big Bus), MYSORE-570 001. Ph: 2428695. RNI Reg. No. 36581 / 1980 E-mail address: mysoorumithra@gmail.com For advertisements: mysoorumithra@gmail.com
